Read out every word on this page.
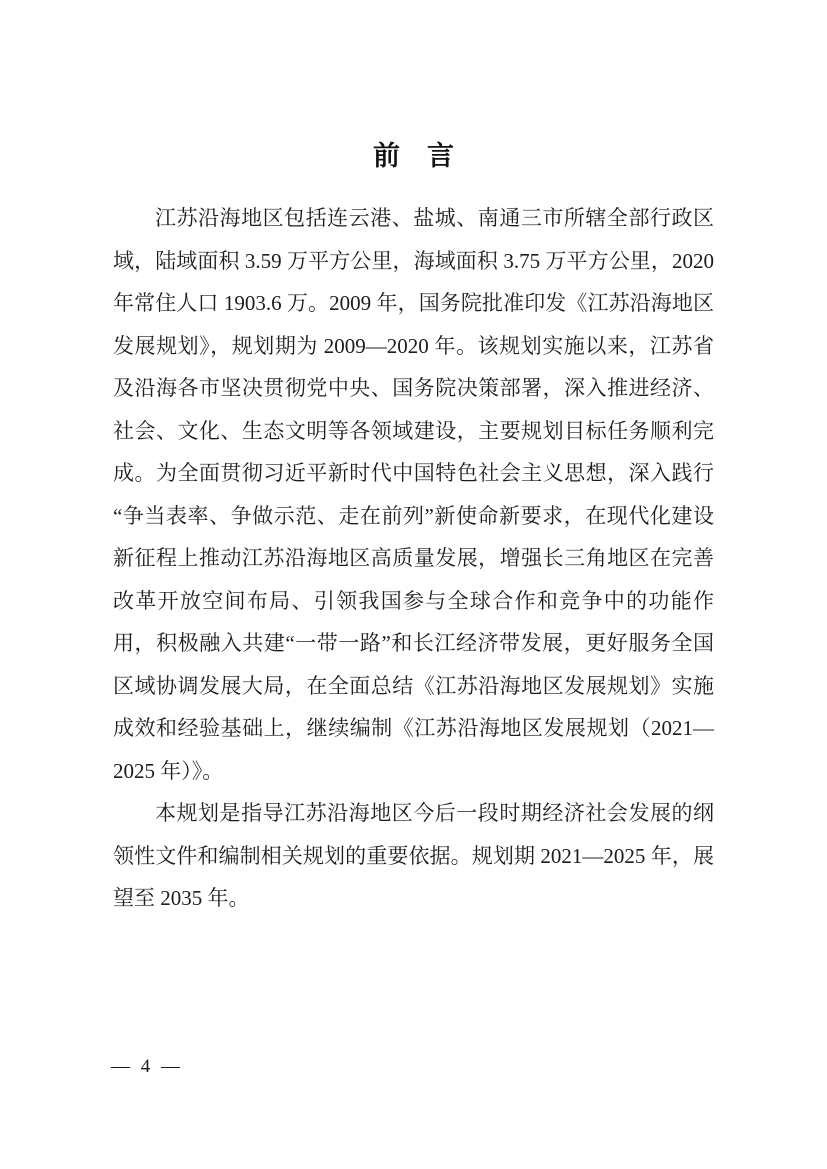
前　言

江苏沿海地区包括连云港、盐城、南通三市所辖全部行政区域，陆域面积 3.59 万平方公里，海域面积 3.75 万平方公里，2020 年常住人口 1903.6 万。2009 年，国务院批准印发《江苏沿海地区发展规划》，规划期为 2009—2020 年。该规划实施以来，江苏省及沿海各市坚决贯彻党中央、国务院决策部署，深入推进经济、社会、文化、生态文明等各领域建设，主要规划目标任务顺利完成。为全面贯彻习近平新时代中国特色社会主义思想，深入践行“争当表率、争做示范、走在前列”新使命新要求，在现代化建设新征程上推动江苏沿海地区高质量发展，增强长三角地区在完善改革开放空间布局、引领我国参与全球合作和竞争中的功能作用，积极融入共建“一带一路”和长江经济带发展，更好服务全国区域协调发展大局，在全面总结《江苏沿海地区发展规划》实施成效和经验基础上，继续编制《江苏沿海地区发展规划（2021—2025 年）》。

本规划是指导江苏沿海地区今后一段时期经济社会发展的纲领性文件和编制相关规划的重要依据。规划期 2021—2025 年，展望至 2035 年。

— 4 —
